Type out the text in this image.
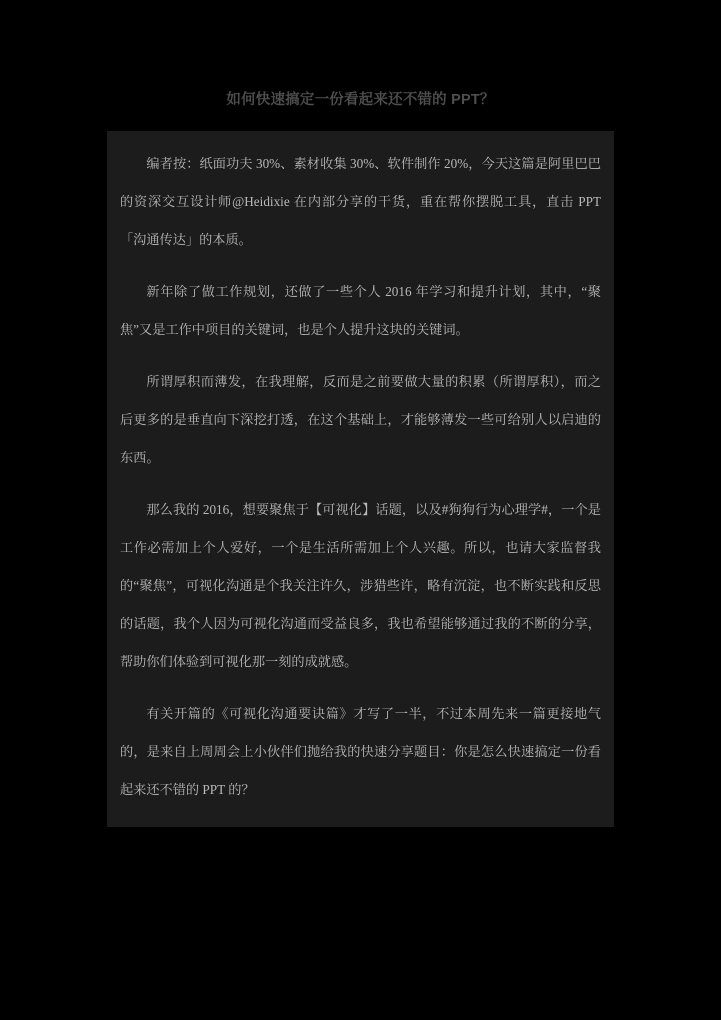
如何快速搞定一份看起来还不错的 PPT？

编者按：纸面功夫 30%、素材收集 30%、软件制作 20%，今天这篇是阿里巴巴的资深交互设计师@Heidixie 在内部分享的干货，重在帮你摆脱工具，直击 PPT「沟通传达」的本质。

新年除了做工作规划，还做了一些个人 2016 年学习和提升计划，其中，“聚焦”又是工作中项目的关键词，也是个人提升这块的关键词。

所谓厚积而薄发，在我理解，反而是之前要做大量的积累（所谓厚积），而之后更多的是垂直向下深挖打透，在这个基础上，才能够薄发一些可给别人以启迪的东西。

那么我的 2016，想要聚焦于【可视化】话题，以及#狗狗行为心理学#，一个是工作必需加上个人爱好，一个是生活所需加上个人兴趣。所以，也请大家监督我的“聚焦”，可视化沟通是个我关注许久，涉猎些许，略有沉淀，也不断实践和反思的话题，我个人因为可视化沟通而受益良多，我也希望能够通过我的不断的分享，帮助你们体验到可视化那一刻的成就感。

有关开篇的《可视化沟通要诀篇》才写了一半，不过本周先来一篇更接地气的，是来自上周周会上小伙伴们抛给我的快速分享题目：你是怎么快速搞定一份看起来还不错的 PPT 的？
